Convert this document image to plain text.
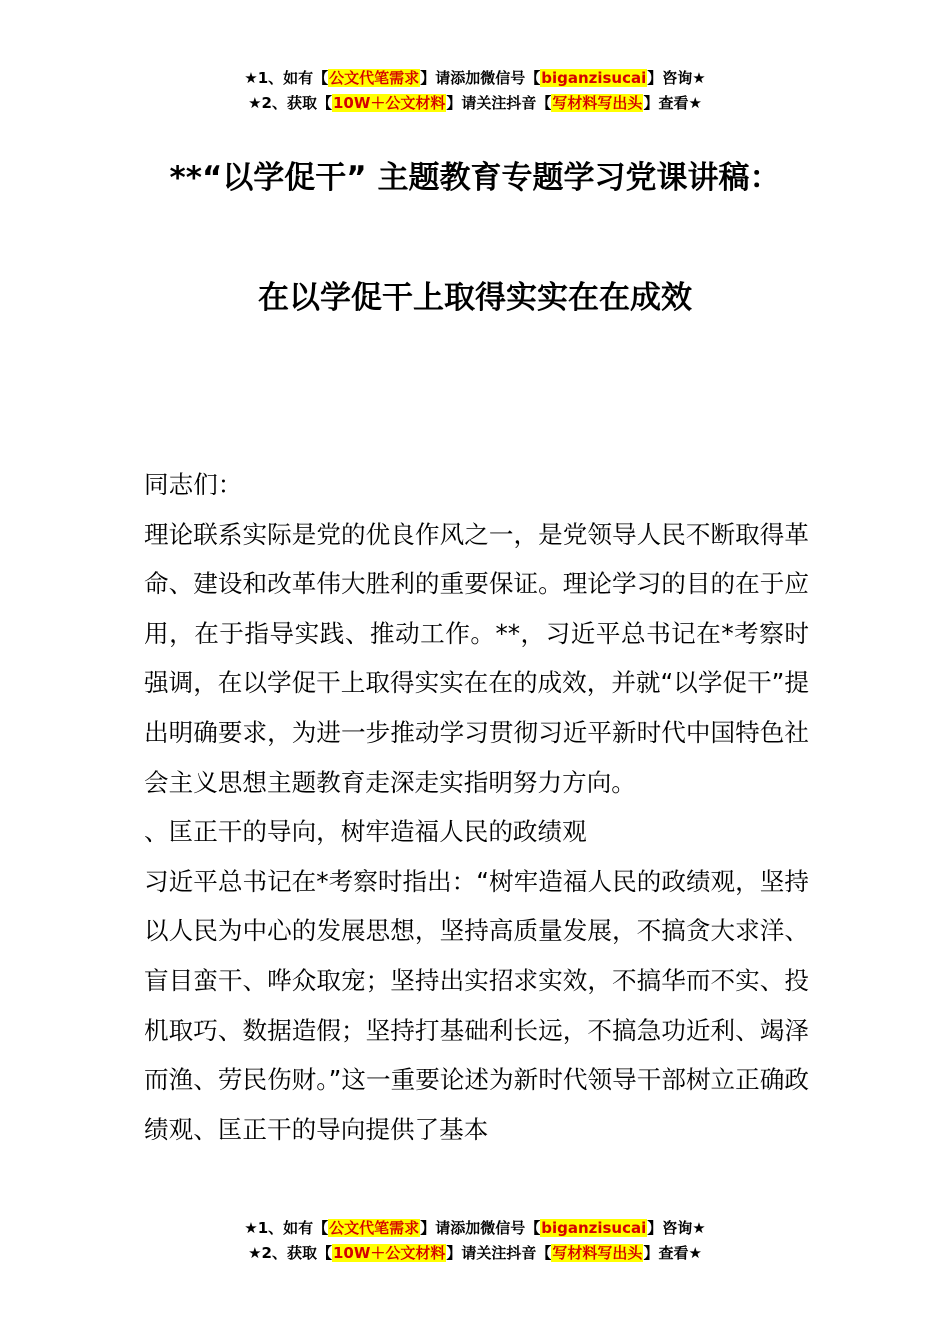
★1、如有【公文代笔需求】请添加微信号【biganzisucai】咨询★
★2、获取【10W＋公文材料】请关注抖音【写材料写出头】查看★
**“以学促干” 主题教育专题学习党课讲稿：
在以学促干上取得实实在在成效

同志们：

理论联系实际是党的优良作风之一，是党领导人民不断取得革命、建设和改革伟大胜利的重要保证。理论学习的目的在于应用，在于指导实践、推动工作。**，习近平总书记在*考察时强调，在以学促干上取得实实在在的成效，并就“以学促干”提出明确要求，为进一步推动学习贯彻习近平新时代中国特色社会主义思想主题教育走深走实指明努力方向。

、匡正干的导向，树牢造福人民的政绩观

习近平总书记在*考察时指出：“树牢造福人民的政绩观，坚持以人民为中心的发展思想，坚持高质量发展，不搞贪大求洋、盲目蛮干、哗众取宠；坚持出实招求实效，不搞华而不实、投机取巧、数据造假；坚持打基础利长远，不搞急功近利、竭泽而渔、劳民伤财。”这一重要论述为新时代领导干部树立正确政绩观、匡正干的导向提供了基本

★1、如有【公文代笔需求】请添加微信号【biganzisucai】咨询★
★2、获取【10W＋公文材料】请关注抖音【写材料写出头】查看★
